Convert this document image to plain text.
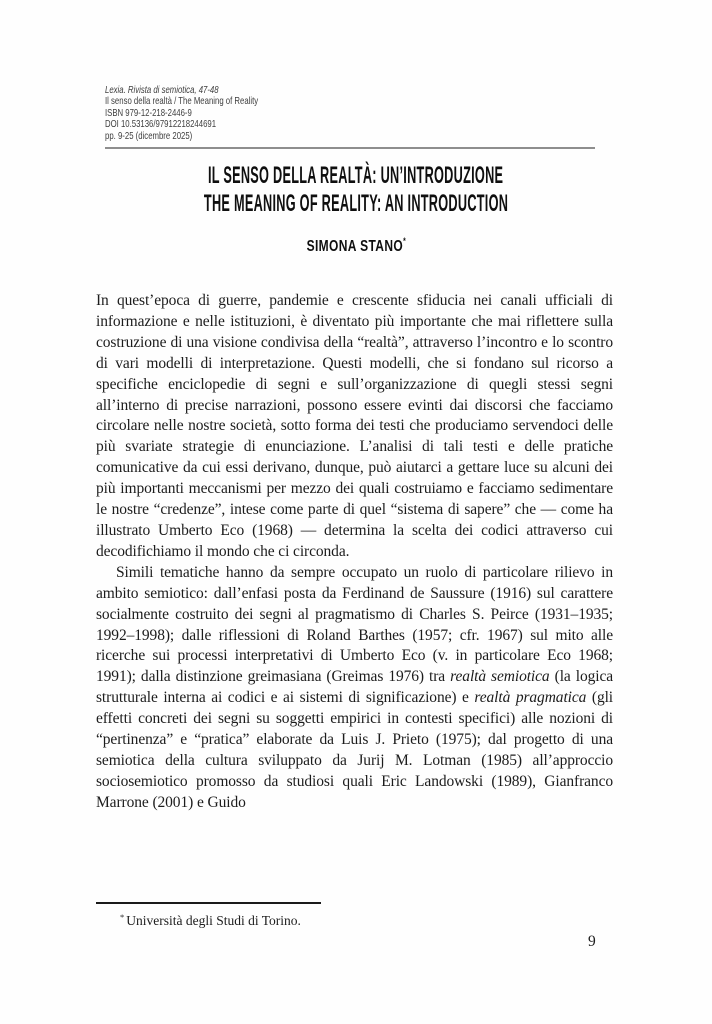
Lexia. Rivista di semiotica, 47-48
Il senso della realtà / The Meaning of Reality
ISBN 979-12-218-2446-9
DOI 10.53136/97912218244691
pp. 9-25 (dicembre 2025)
IL SENSO DELLA REALTÀ: UN’INTRODUZIONE
THE MEANING OF REALITY: AN INTRODUCTION
SIMONA STANO*

In quest’epoca di guerre, pandemie e crescente sfiducia nei canali ufficiali di informazione e nelle istituzioni, è diventato più importante che mai riflettere sulla costruzione di una visione condivisa della “realtà”, attraverso l’incontro e lo scontro di vari modelli di interpretazione. Questi modelli, che si fondano sul ricorso a specifiche enciclopedie di segni e sull’organizzazione di quegli stessi segni all’interno di precise narrazioni, possono essere evinti dai discorsi che facciamo circolare nelle nostre società, sotto forma dei testi che produciamo servendoci delle più svariate strategie di enunciazione. L’analisi di tali testi e delle pratiche comunicative da cui essi derivano, dunque, può aiutarci a gettare luce su alcuni dei più importanti meccanismi per mezzo dei quali costruiamo e facciamo sedimentare le nostre “credenze”, intese come parte di quel “sistema di sapere” che — come ha illustrato Umberto Eco (1968) — determina la scelta dei codici attraverso cui decodifichiamo il mondo che ci circonda.

Simili tematiche hanno da sempre occupato un ruolo di particolare rilievo in ambito semiotico: dall’enfasi posta da Ferdinand de Saussure (1916) sul carattere socialmente costruito dei segni al pragmatismo di Charles S. Peirce (1931–1935; 1992–1998); dalle riflessioni di Roland Barthes (1957; cfr. 1967) sul mito alle ricerche sui processi interpretativi di Umberto Eco (v. in particolare Eco 1968; 1991); dalla distinzione greimasiana (Greimas 1976) tra realtà semiotica (la logica strutturale interna ai codici e ai sistemi di significazione) e realtà pragmatica (gli effetti concreti dei segni su soggetti empirici in contesti specifici) alle nozioni di “pertinenza” e “pratica” elaborate da Luis J. Prieto (1975); dal progetto di una semiotica della cultura sviluppato da Jurij M. Lotman (1985) all’approccio sociosemiotico promosso da studiosi quali Eric Landowski (1989), Gianfranco Marrone (2001) e Guido

* Università degli Studi di Torino.
9
